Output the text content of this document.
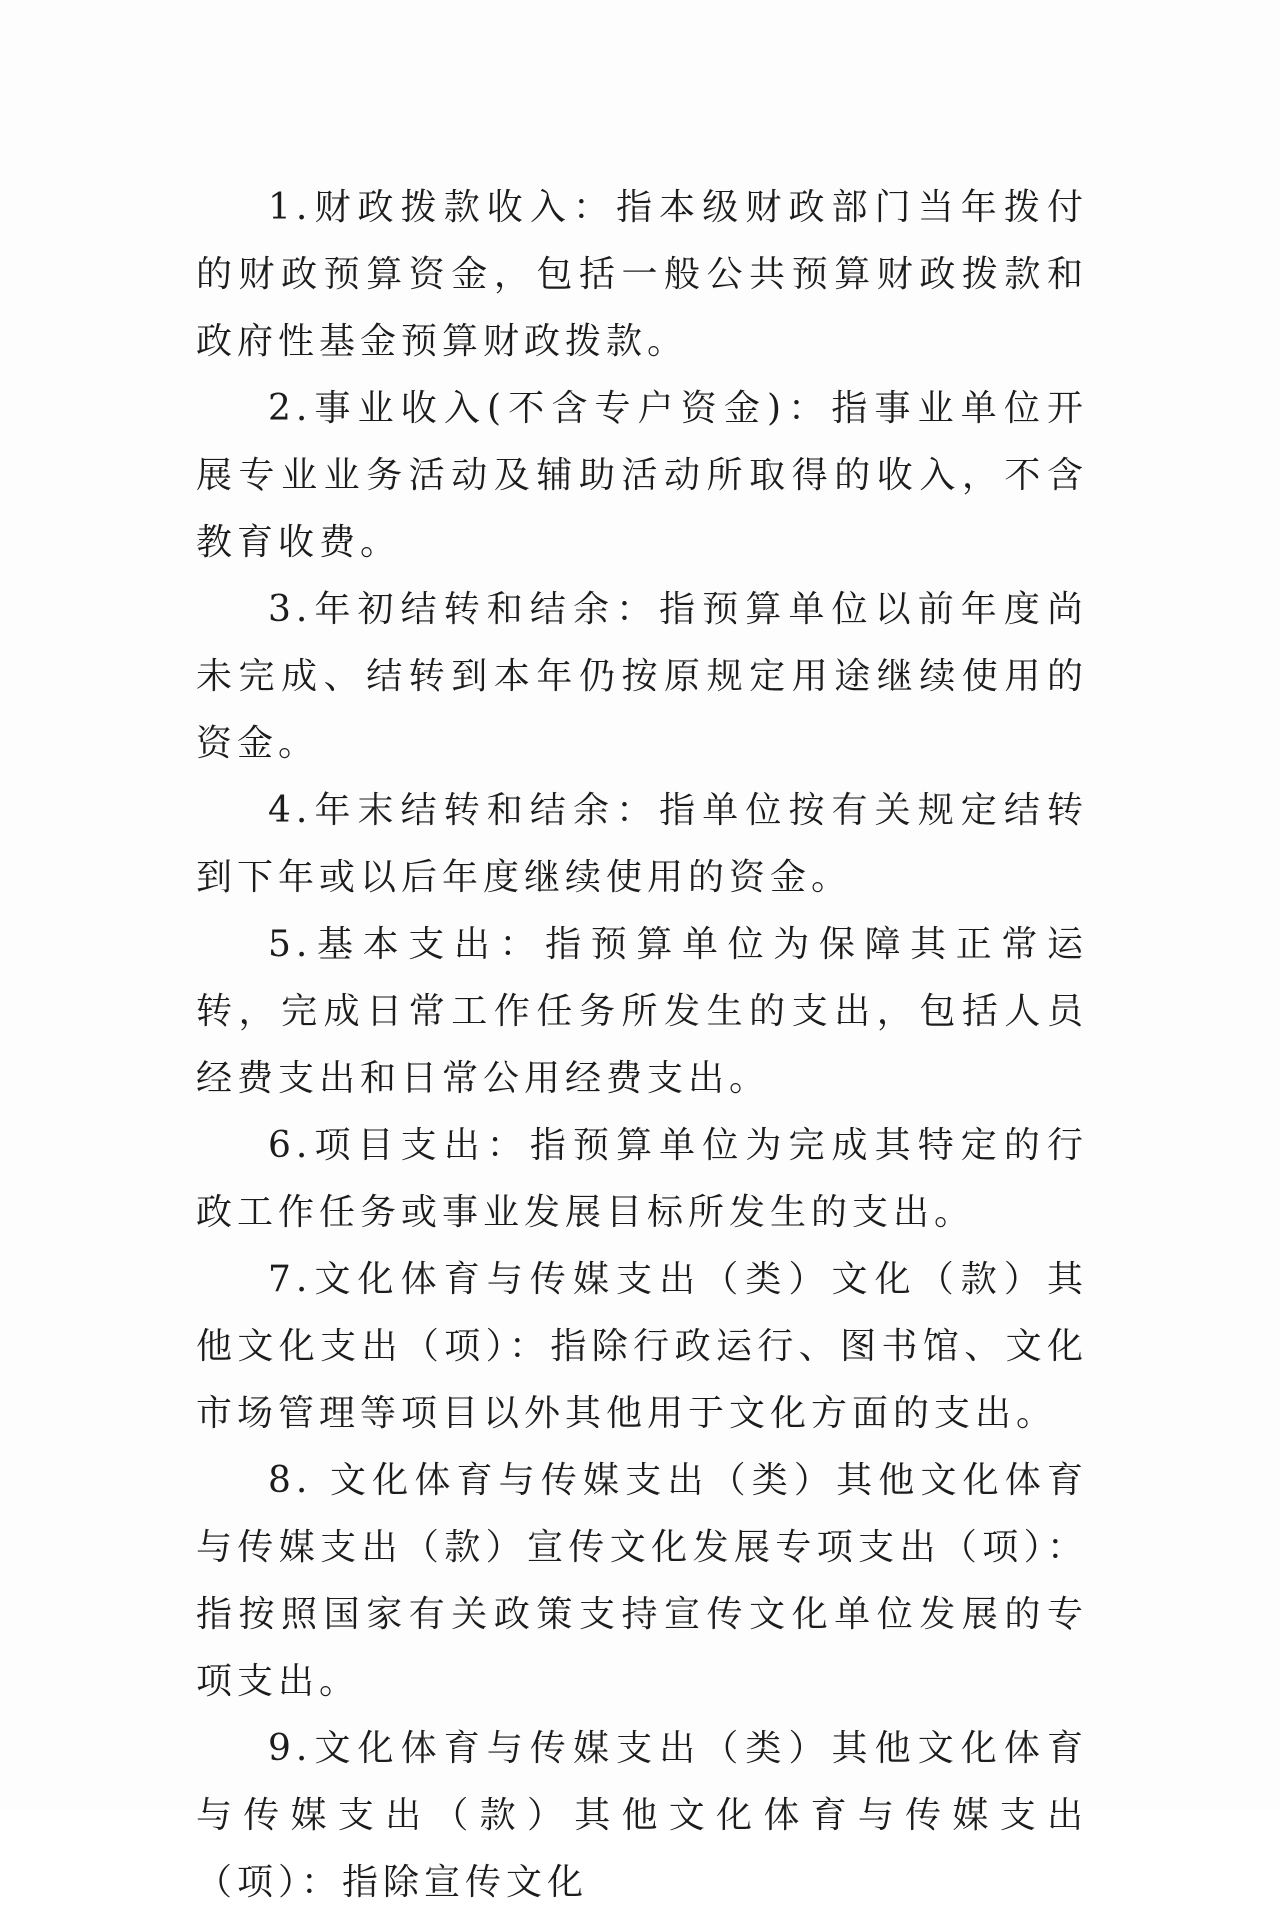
1.财政拨款收入：指本级财政部门当年拨付的财政预算资金，包括一般公共预算财政拨款和政府性基金预算财政拨款。

2.事业收入(不含专户资金)：指事业单位开展专业业务活动及辅助活动所取得的收入，不含教育收费。

3.年初结转和结余：指预算单位以前年度尚未完成、结转到本年仍按原规定用途继续使用的资金。

4.年末结转和结余：指单位按有关规定结转到下年或以后年度继续使用的资金。

5.基本支出：指预算单位为保障其正常运转，完成日常工作任务所发生的支出，包括人员经费支出和日常公用经费支出。

6.项目支出：指预算单位为完成其特定的行政工作任务或事业发展目标所发生的支出。

7.文化体育与传媒支出（类）文化（款）其他文化支出（项）：指除行政运行、图书馆、文化市场管理等项目以外其他用于文化方面的支出。

8. 文化体育与传媒支出（类）其他文化体育与传媒支出（款）宣传文化发展专项支出（项）：指按照国家有关政策支持宣传文化单位发展的专项支出。

9.文化体育与传媒支出（类）其他文化体育与传媒支出（款）其他文化体育与传媒支出（项）：指除宣传文化
